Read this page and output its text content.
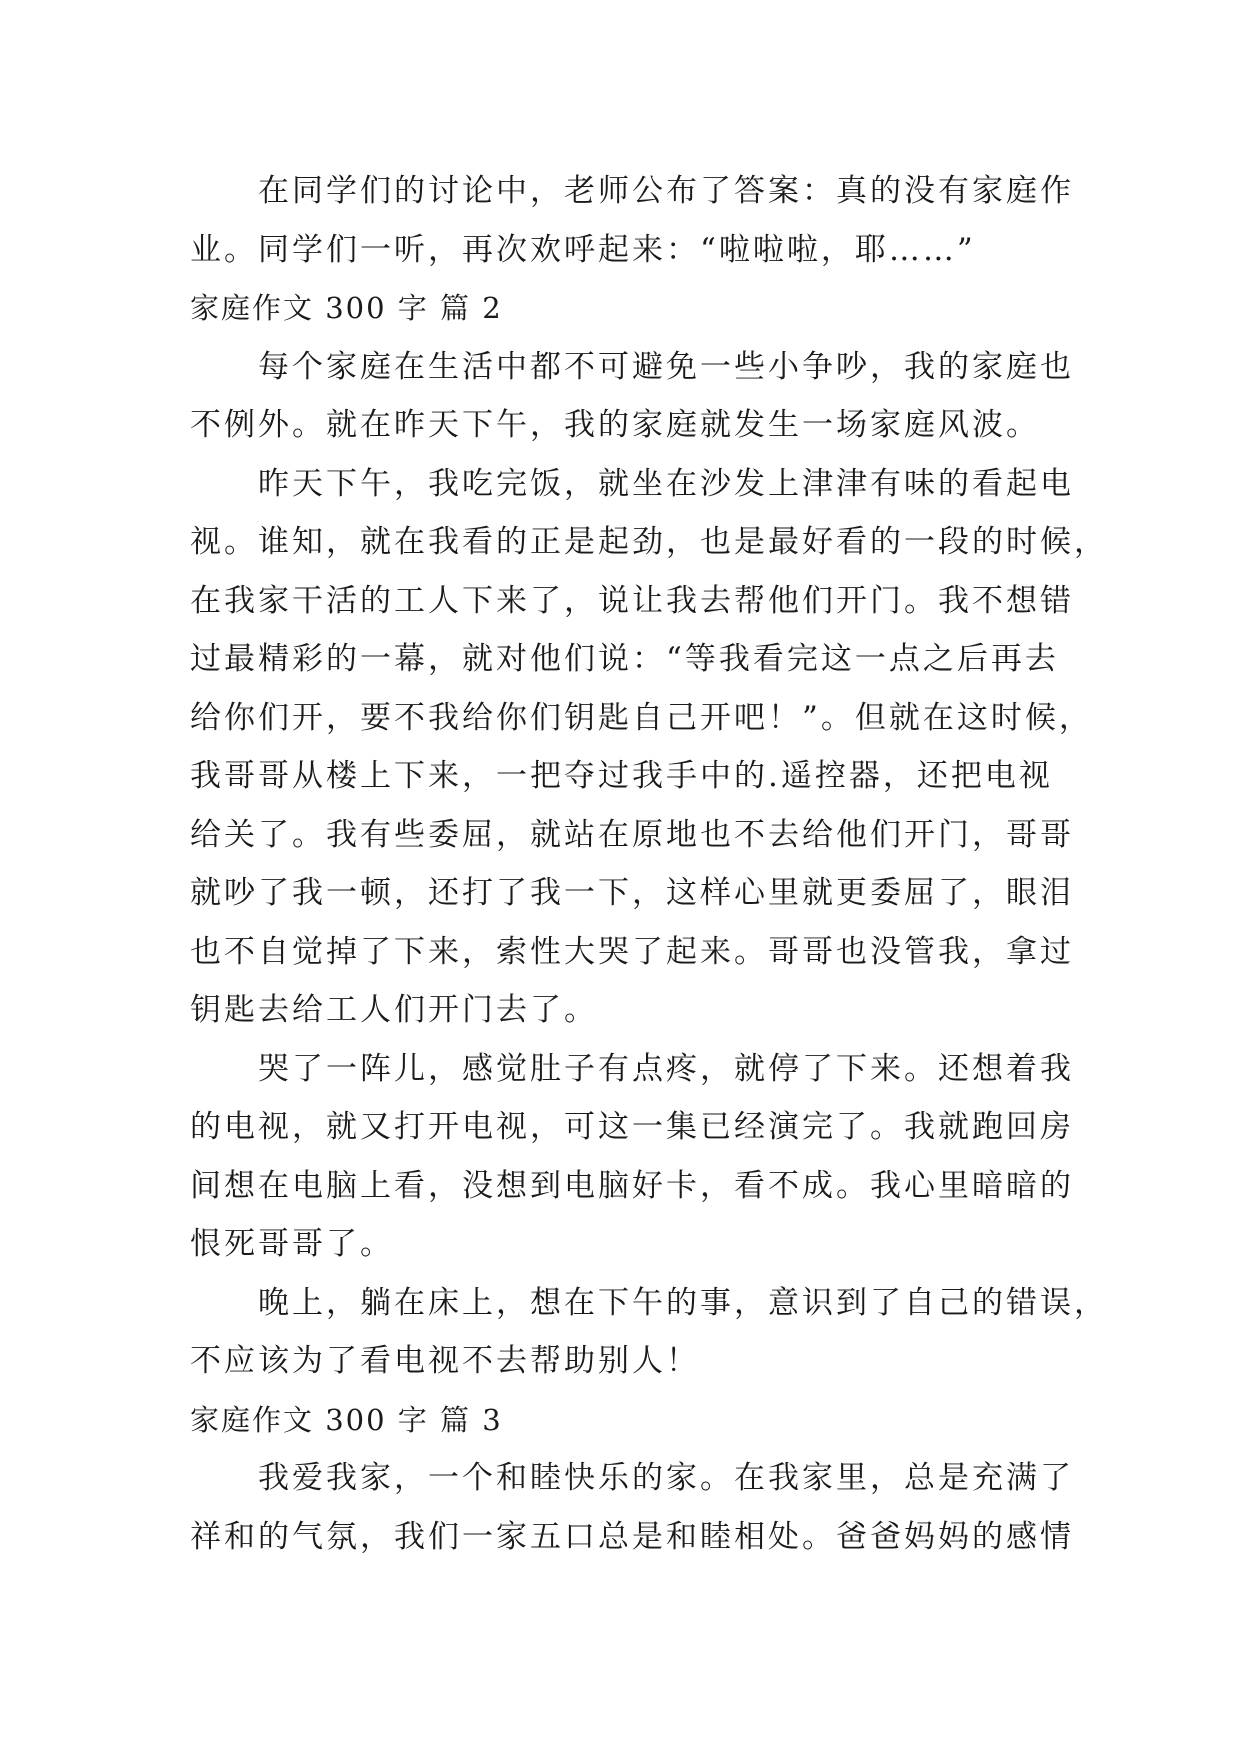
在同学们的讨论中，老师公布了答案：真的没有家庭作
业。同学们一听，再次欢呼起来：“啦啦啦，耶……”
家庭作文 300 字 篇 2
每个家庭在生活中都不可避免一些小争吵，我的家庭也
不例外。就在昨天下午，我的家庭就发生一场家庭风波。
昨天下午，我吃完饭，就坐在沙发上津津有味的看起电
视。谁知，就在我看的正是起劲，也是最好看的一段的时候，
在我家干活的工人下来了，说让我去帮他们开门。我不想错
过最精彩的一幕，就对他们说：“等我看完这一点之后再去
给你们开，要不我给你们钥匙自己开吧！”。但就在这时候，
我哥哥从楼上下来，一把夺过我手中的.遥控器，还把电视
给关了。我有些委屈，就站在原地也不去给他们开门，哥哥
就吵了我一顿，还打了我一下，这样心里就更委屈了，眼泪
也不自觉掉了下来，索性大哭了起来。哥哥也没管我，拿过
钥匙去给工人们开门去了。
哭了一阵儿，感觉肚子有点疼，就停了下来。还想着我
的电视，就又打开电视，可这一集已经演完了。我就跑回房
间想在电脑上看，没想到电脑好卡，看不成。我心里暗暗的
恨死哥哥了。
晚上，躺在床上，想在下午的事，意识到了自己的错误，
不应该为了看电视不去帮助别人！
家庭作文 300 字 篇 3
我爱我家，一个和睦快乐的家。在我家里，总是充满了
祥和的气氛，我们一家五口总是和睦相处。爸爸妈妈的感情
